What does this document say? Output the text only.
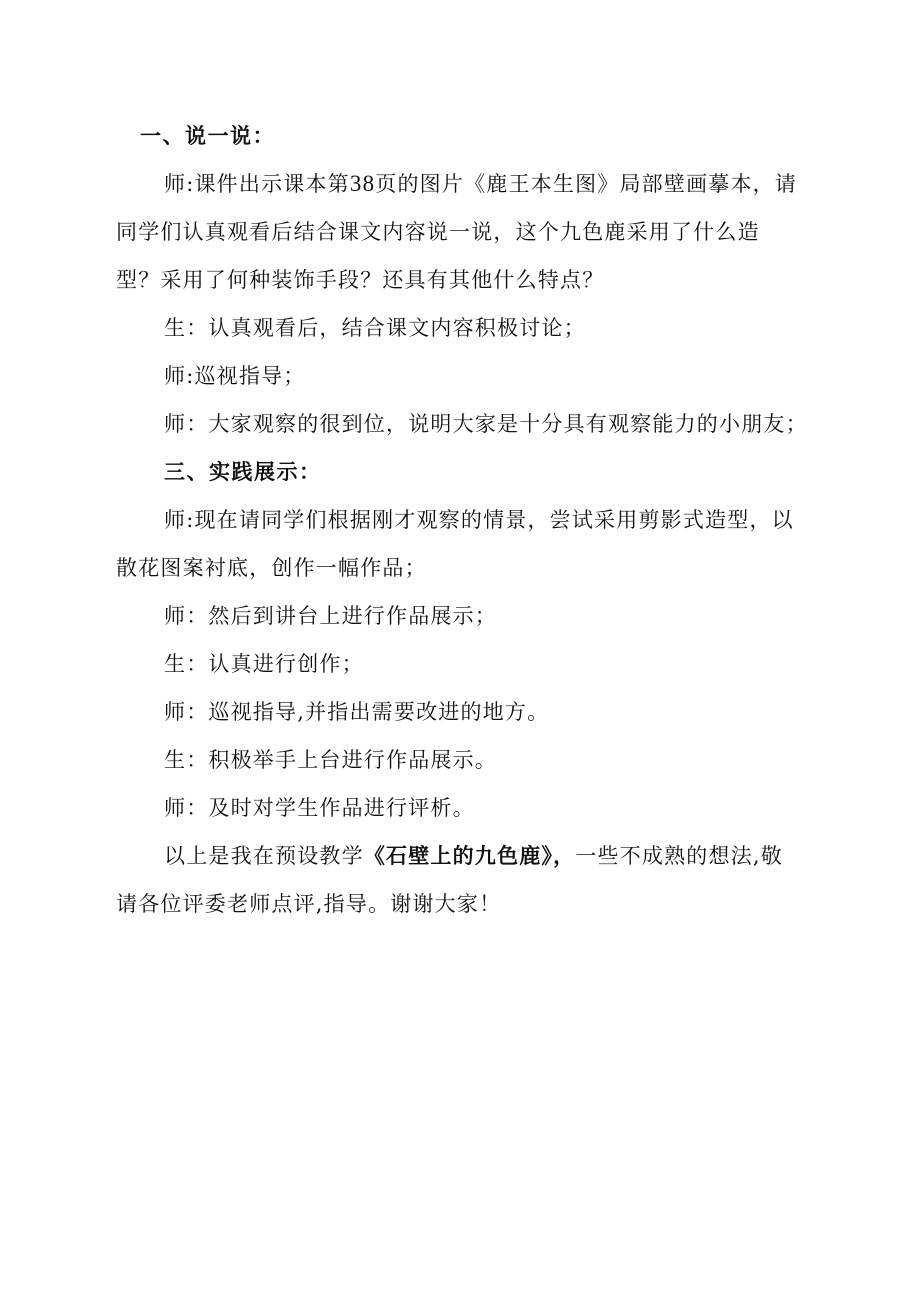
一、说一说：

师:课件出示课本第38页的图片《鹿王本生图》局部壁画摹本，请
同学们认真观看后结合课文内容说一说，这个九色鹿采用了什么造
型？采用了何种装饰手段？还具有其他什么特点？

生：认真观看后，结合课文内容积极讨论；

师:巡视指导；

师：大家观察的很到位，说明大家是十分具有观察能力的小朋友；

三、实践展示：

师:现在请同学们根据刚才观察的情景，尝试采用剪影式造型，以
散花图案衬底，创作一幅作品；

师：然后到讲台上进行作品展示；

生：认真进行创作；

师：巡视指导,并指出需要改进的地方。

生：积极举手上台进行作品展示。

师：及时对学生作品进行评析。

以上是我在预设教学《石壁上的九色鹿》，一些不成熟的想法,敬
请各位评委老师点评,指导。谢谢大家！
